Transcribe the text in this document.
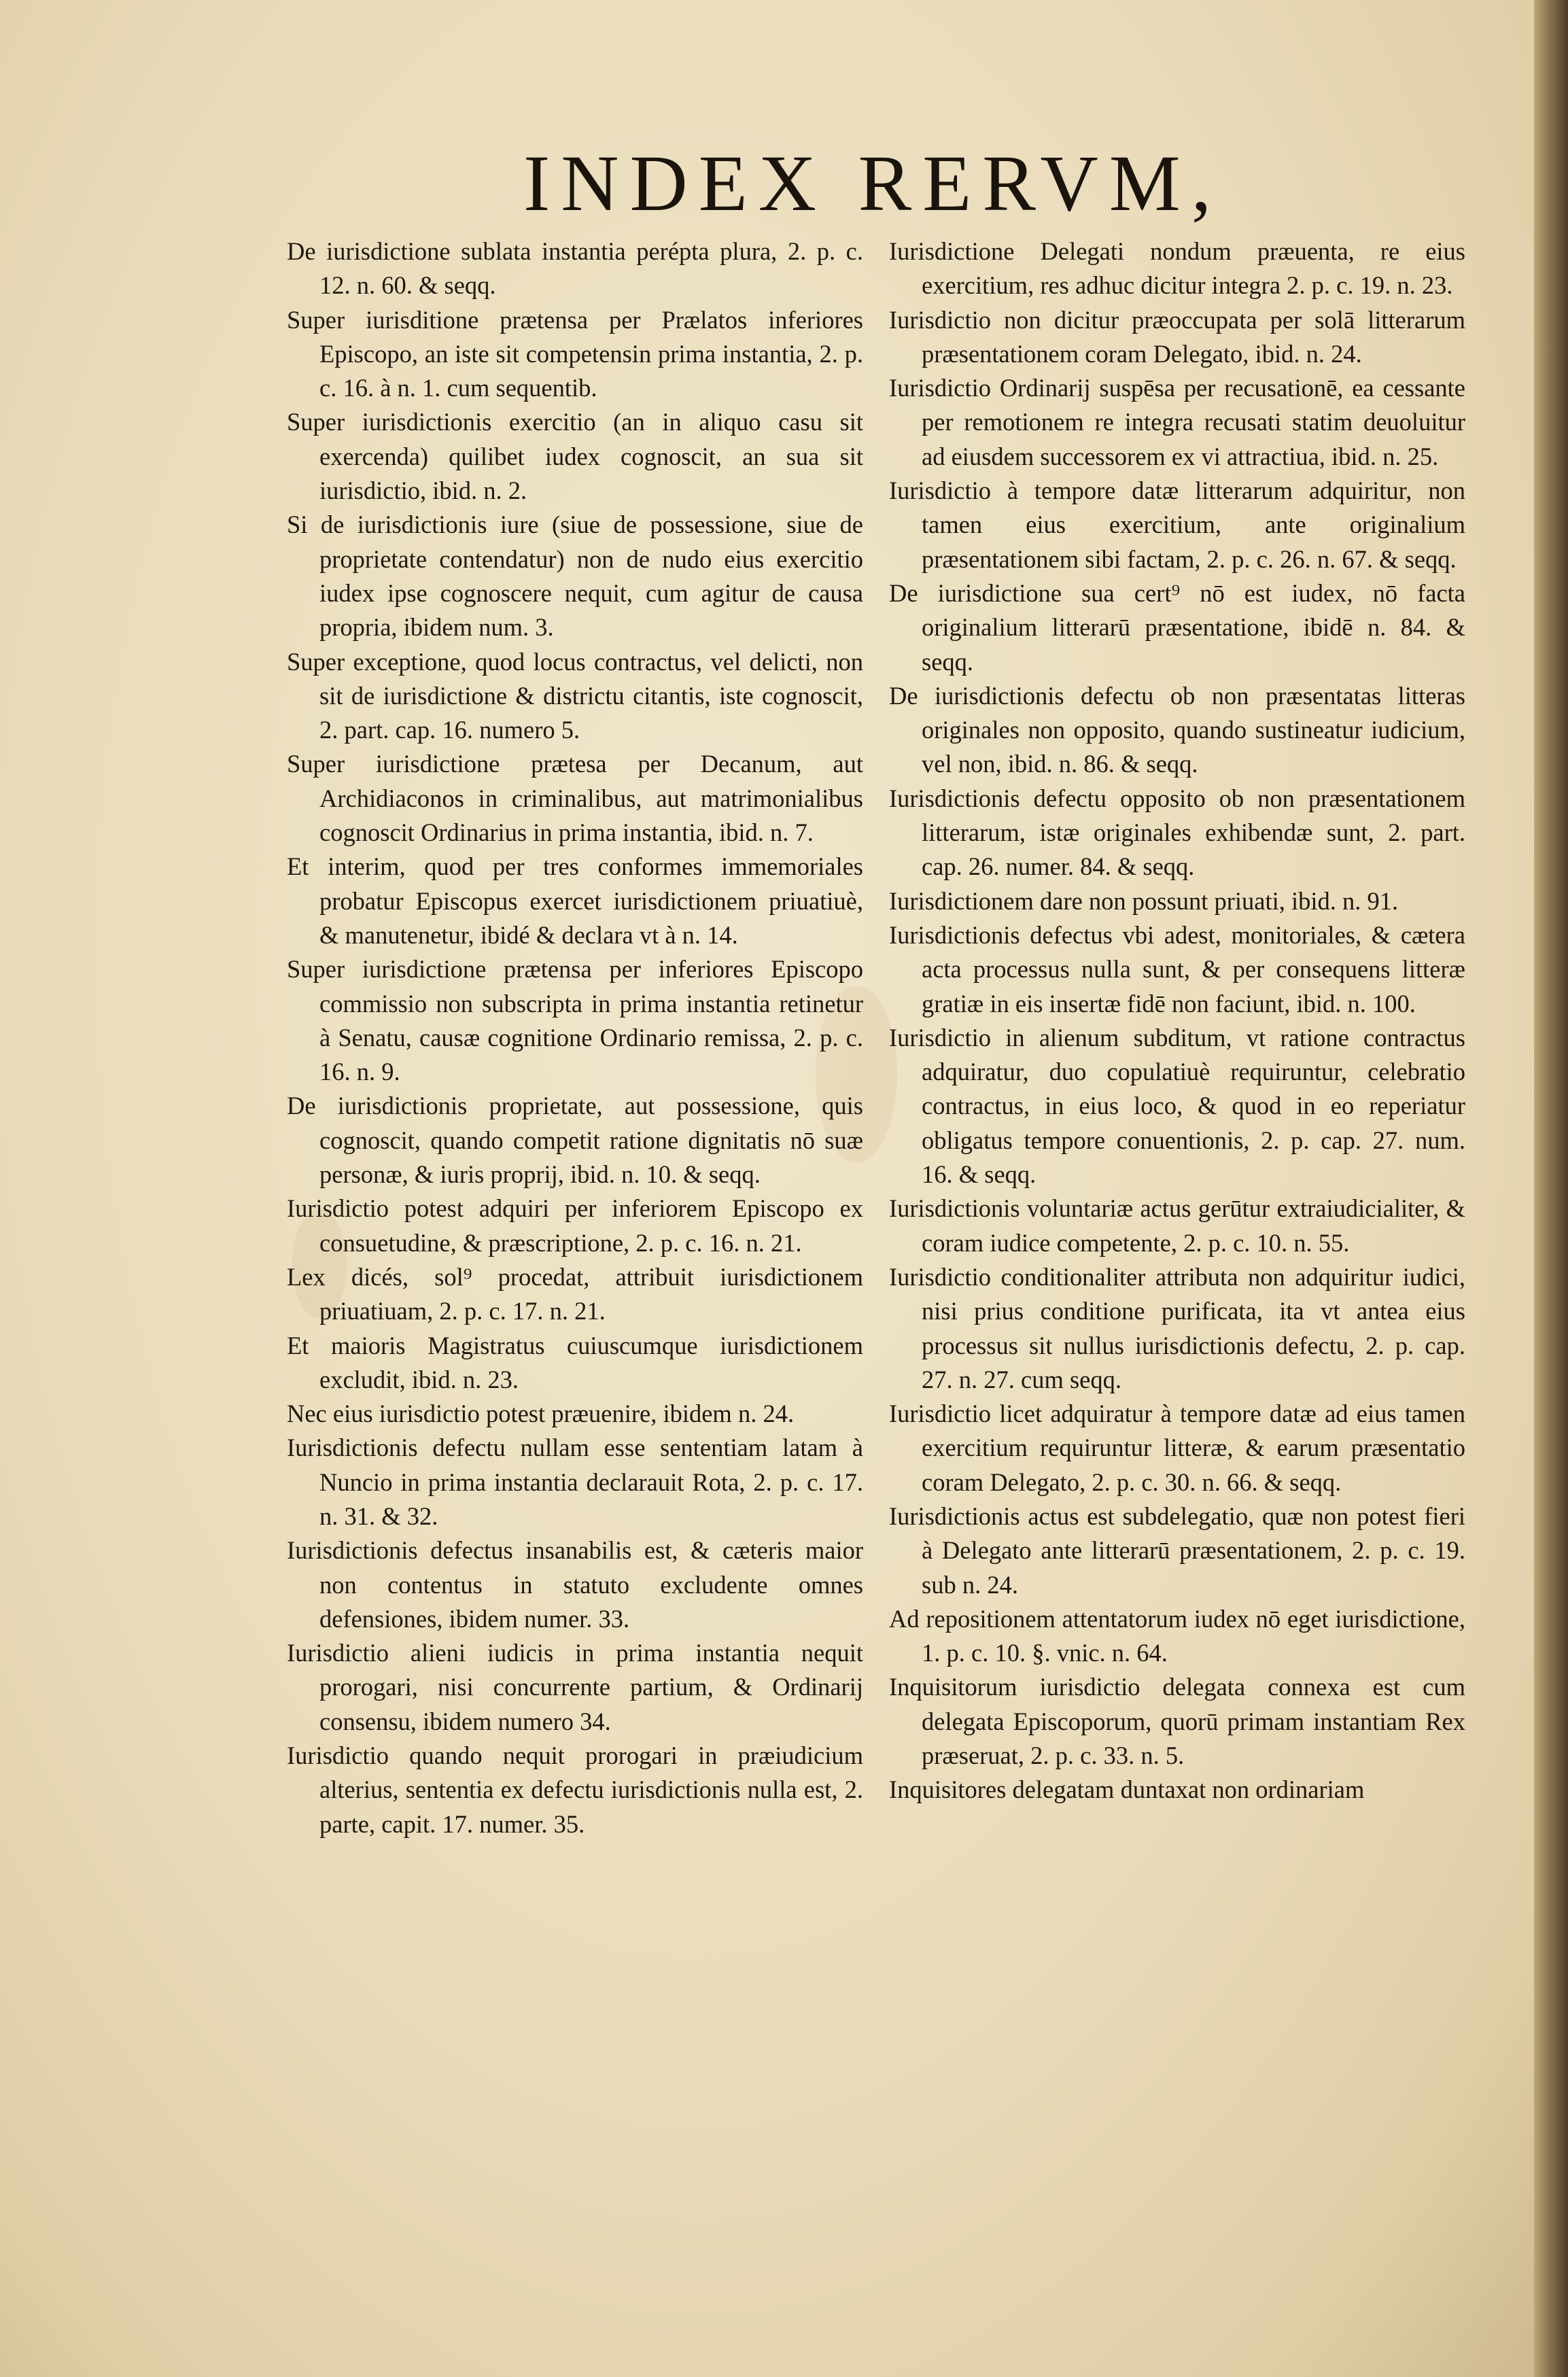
INDEX RERVM,

De iurisdictione sublata instantia perépta plura, 2. p. c. 12. n. 60. & seqq.

Super iurisditione prætensa per Prælatos inferiores Episcopo, an iste sit competensin prima instantia, 2. p. c. 16. à n. 1. cum sequentib.

Super iurisdictionis exercitio (an in aliquo casu sit exercenda) quilibet iudex cognoscit, an sua sit iurisdictio, ibid. n. 2.

Si de iurisdictionis iure (siue de possessione, siue de proprietate contendatur) non de nudo eius exercitio iudex ipse cognoscere nequit, cum agitur de causa propria, ibidem num. 3.

Super exceptione, quod locus contractus, vel delicti, non sit de iurisdictione & districtu citantis, iste cognoscit, 2. part. cap. 16. numero 5.

Super iurisdictione prætesa per Decanum, aut Archidiaconos in criminalibus, aut matrimonialibus cognoscit Ordinarius in prima instantia, ibid. n. 7.

Et interim, quod per tres conformes immemoriales probatur Episcopus exercet iurisdictionem priuatiuè, & manutenetur, ibidé & declara vt à n. 14.

Super iurisdictione prætensa per inferiores Episcopo commissio non subscripta in prima instantia retinetur à Senatu, causæ cognitione Ordinario remissa, 2. p. c. 16. n. 9.

De iurisdictionis proprietate, aut possessione, quis cognoscit, quando competit ratione dignitatis nō suæ personæ, & iuris proprij, ibid. n. 10. & seqq.

Iurisdictio potest adquiri per inferiorem Episcopo ex consuetudine, & præscriptione, 2. p. c. 16. n. 21.

Lex dicés, sol⁹ procedat, attribuit iurisdictionem priuatiuam, 2. p. c. 17. n. 21.

Et maioris Magistratus cuiuscumque iurisdictionem excludit, ibid. n. 23.

Nec eius iurisdictio potest præuenire, ibidem n. 24.

Iurisdictionis defectu nullam esse sententiam latam à Nuncio in prima instantia declarauit Rota, 2. p. c. 17. n. 31. & 32.

Iurisdictionis defectus insanabilis est, & cæteris maior non contentus in statuto excludente omnes defensiones, ibidem numer. 33.

Iurisdictio alieni iudicis in prima instantia nequit prorogari, nisi concurrente partium, & Ordinarij consensu, ibidem numero 34.

Iurisdictio quando nequit prorogari in præiudicium alterius, sententia ex defectu iurisdictionis nulla est, 2. parte, capit. 17. numer. 35.

Iurisdictione Delegati nondum præuenta, re eius exercitium, res adhuc dicitur integra 2. p. c. 19. n. 23.

Iurisdictio non dicitur præoccupata per solā litterarum præsentationem coram Delegato, ibid. n. 24.

Iurisdictio Ordinarij suspēsa per recusationē, ea cessante per remotionem re integra recusati statim deuoluitur ad eiusdem successorem ex vi attractiua, ibid. n. 25.

Iurisdictio à tempore datæ litterarum adquiritur, non tamen eius exercitium, ante originalium præsentationem sibi factam, 2. p. c. 26. n. 67. & seqq.

De iurisdictione sua cert⁹ nō est iudex, nō facta originalium litterarū præsentatione, ibidē n. 84. & seqq.

De iurisdictionis defectu ob non præsentatas litteras originales non opposito, quando sustineatur iudicium, vel non, ibid. n. 86. & seqq.

Iurisdictionis defectu opposito ob non præsentationem litterarum, istæ originales exhibendæ sunt, 2. part. cap. 26. numer. 84. & seqq.

Iurisdictionem dare non possunt priuati, ibid. n. 91.

Iurisdictionis defectus vbi adest, monitoriales, & cætera acta processus nulla sunt, & per consequens litteræ gratiæ in eis insertæ fidē non faciunt, ibid. n. 100.

Iurisdictio in alienum subditum, vt ratione contractus adquiratur, duo copulatiuè requiruntur, celebratio contractus, in eius loco, & quod in eo reperiatur obligatus tempore conuentionis, 2. p. cap. 27. num. 16. & seqq.

Iurisdictionis voluntariæ actus gerūtur extraiudicialiter, & coram iudice competente, 2. p. c. 10. n. 55.

Iurisdictio conditionaliter attributa non adquiritur iudici, nisi prius conditione purificata, ita vt antea eius processus sit nullus iurisdictionis defectu, 2. p. cap. 27. n. 27. cum seqq.

Iurisdictio licet adquiratur à tempore datæ ad eius tamen exercitium requiruntur litteræ, & earum præsentatio coram Delegato, 2. p. c. 30. n. 66. & seqq.

Iurisdictionis actus est subdelegatio, quæ non potest fieri à Delegato ante litterarū præsentationem, 2. p. c. 19. sub n. 24.

Ad repositionem attentatorum iudex nō eget iurisdictione, 1. p. c. 10. §. vnic. n. 64.

Inquisitorum iurisdictio delegata connexa est cum delegata Episcoporum, quorū primam instantiam Rex præseruat, 2. p. c. 33. n. 5.

Inquisitores delegatam duntaxat non ordinariam
